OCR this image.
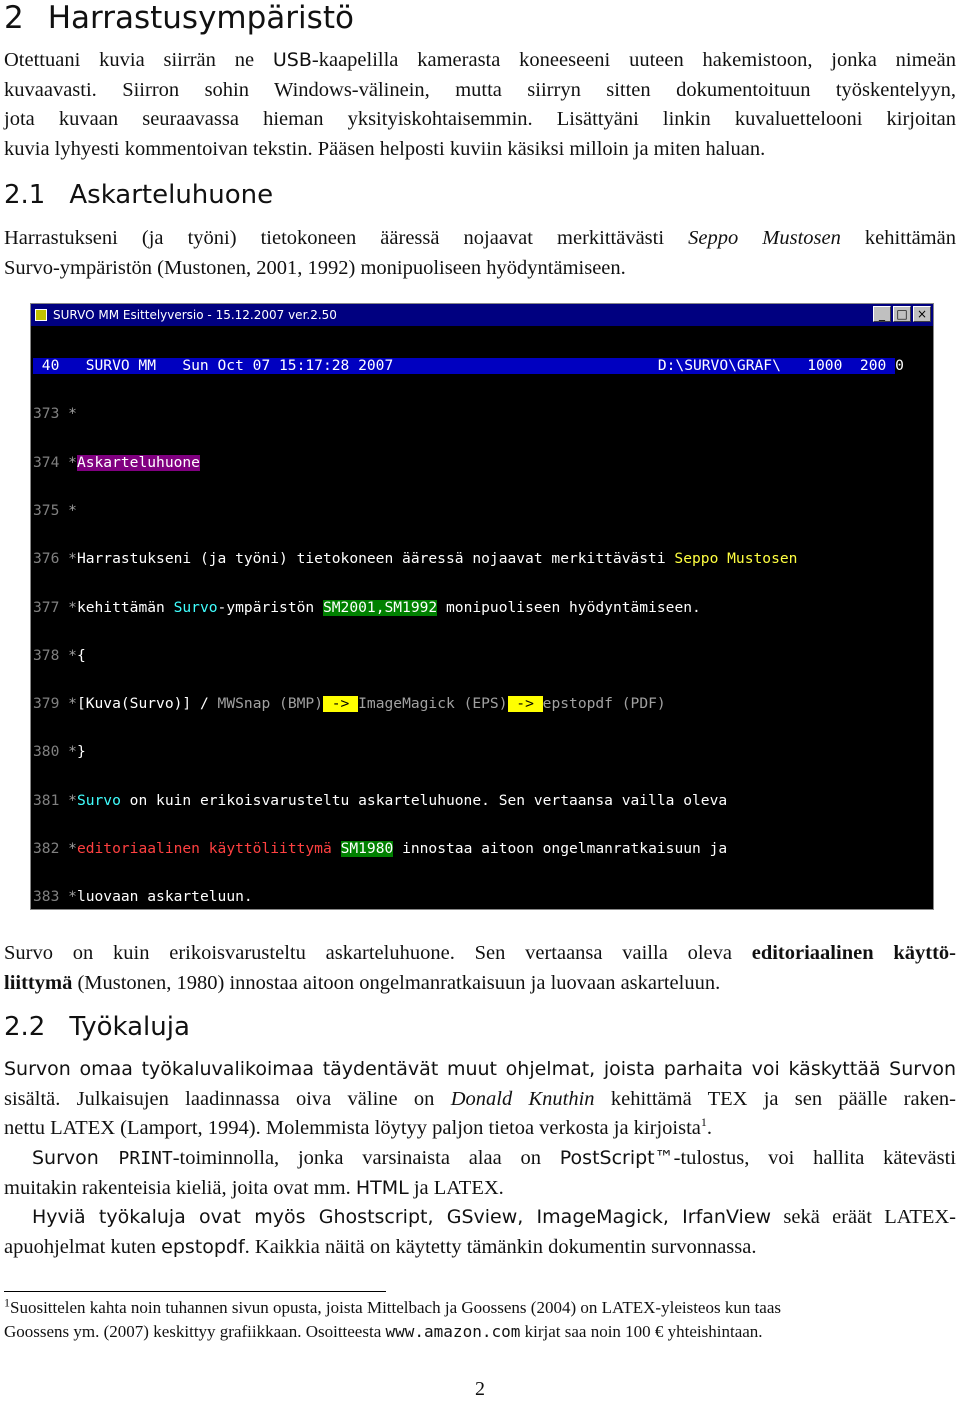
2 Harrastusympäristö
Otettuani kuvia siirrän ne USB-kaapelilla kamerasta koneeseeni uuteen hakemistoon, jonka nimeän
kuvaavasti. Siirron sohin Windows-välinein, mutta siirryn sitten dokumentoituun työskentelyyn,
jota kuvaan seuraavassa hieman yksityiskohtaisemmin. Lisättyäni linkin kuvaluettelooni kirjoitan
kuvia lyhyesti kommentoivan tekstin. Pääsen helposti kuviin käsiksi milloin ja miten haluan.
2.1 Askarteluhuone
Harrastukseni (ja työni) tietokoneen ääressä nojaavat merkittävästi Seppo Mustosen kehittämän
Survo-ympäristön (Mustonen, 2001, 1992) monipuoliseen hyödyntämiseen.
SURVO MM Esittelyversio - 15.12.2007 ver.2.50	_ □ ×

40   SURVO MM   Sun Oct 07 15:17:28 2007	D:\SURVO\GRAF\   1000  200 0

373 *

374 *Askarteluhuone

375 *

376 *Harrastukseni (ja työni) tietokoneen ääressä nojaavat merkittävästi Seppo Mustosen

377 *kehittämän Survo-ympäristön SM2001,SM1992 monipuoliseen hyödyntämiseen.

378 *{

379 *[Kuva(Survo)] / MWSnap (BMP) -> ImageMagick (EPS) -> epstopdf (PDF)

380 *}

381 *Survo on kuin erikoisvarusteltu askarteluhuone. Sen vertaansa vailla oleva

382 *editoriaalinen käyttöliittymä SM1980 innostaa aitoon ongelmanratkaisuun ja

383 *luovaan askarteluun.

Survo on kuin erikoisvarusteltu askarteluhuone. Sen vertaansa vailla oleva editoriaalinen käyttö-
liittymä (Mustonen, 1980) innostaa aitoon ongelmanratkaisuun ja luovaan askarteluun.
2.2 Työkaluja
Survon omaa työkaluvalikoimaa täydentävät muut ohjelmat, joista parhaita voi käskyttää Survon
sisältä. Julkaisujen laadinnassa oiva väline on Donald Knuthin kehittämä TEX ja sen päälle raken-
nettu LATEX (Lamport, 1994). Molemmista löytyy paljon tietoa verkosta ja kirjoista$^1$.
Survon PRINT-toiminnolla, jonka varsinaista alaa on PostScript™-tulostus, voi hallita kätevästi
muitakin rakenteisia kieliä, joita ovat mm. HTML ja LATEX.
Hyviä työkaluja ovat myös Ghostscript, GSview, ImageMagick, IrfanView sekä eräät LATEX-
apuohjelmat kuten epstopdf. Kaikkia näitä on käytetty tämänkin dokumentin survonnassa.
$^1$Suosittelen kahta noin tuhannen sivun opusta, joista Mittelbach ja Goossens (2004) on LATEX-yleisteos kun taas
Goossens ym. (2007) keskittyy grafiikkaan. Osoitteesta www.amazon.com kirjat saa noin 100 € yhteishintaan.
2
